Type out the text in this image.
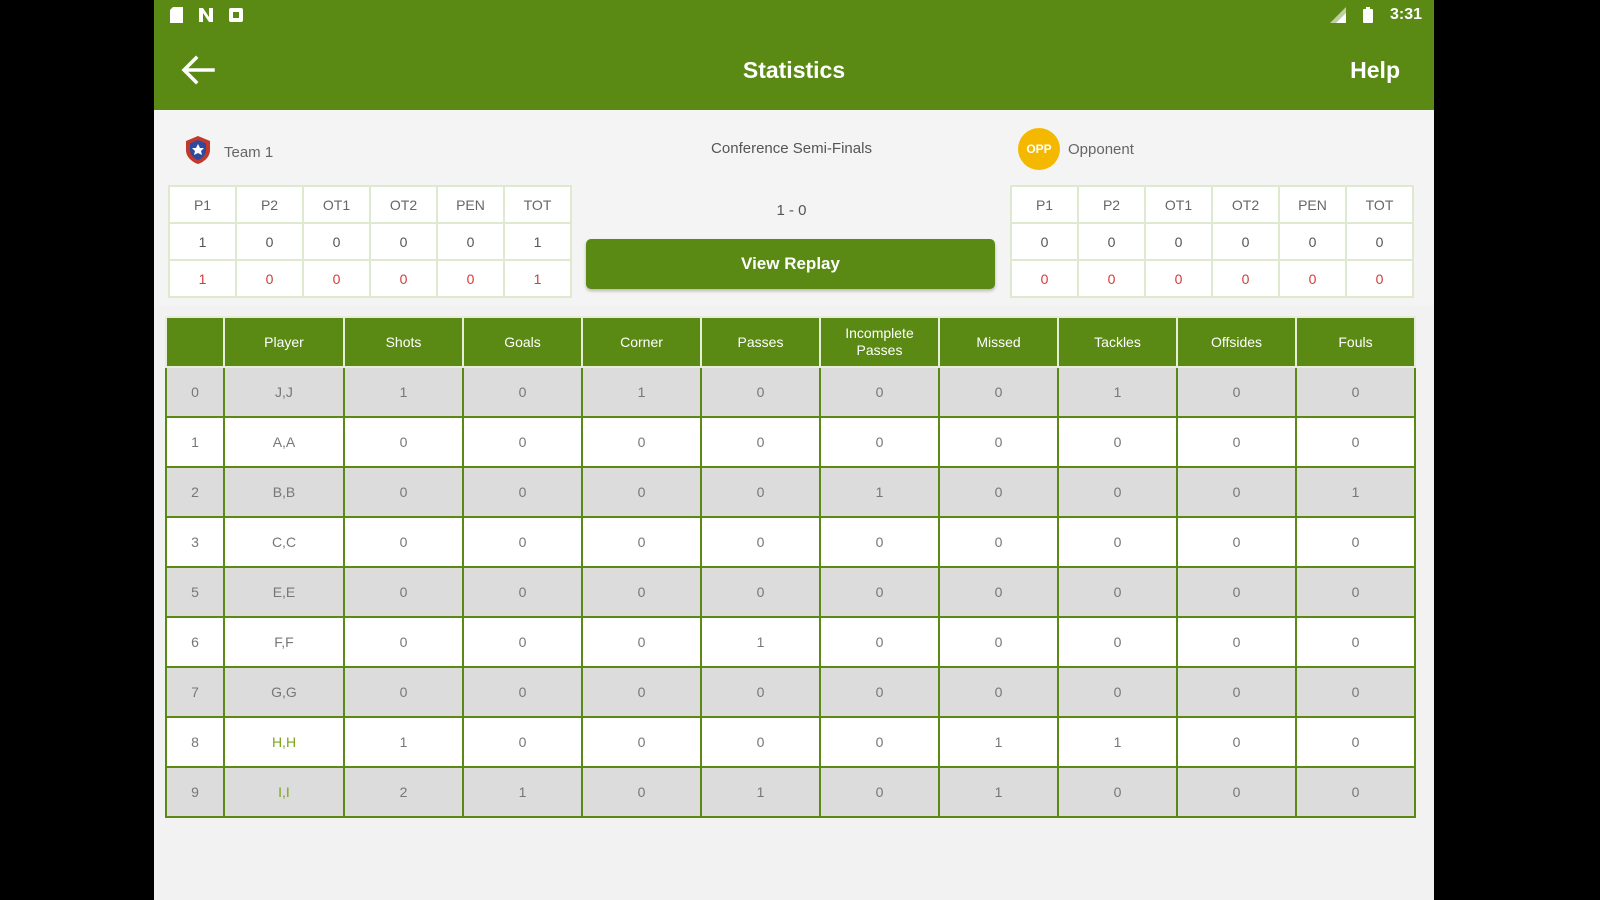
3:31
Statistics	Help
Team 1	Conference Semi-Finals
1 - 0
View Replay
OPP	Opponent
P1	P2	OT1	OT2	PEN	TOT
1	0	0	0	0	1
1	0	0	0	0	1
P1	P2	OT1	OT2	PEN	TOT
0	0	0	0	0	0
0	0	0	0	0	0
	Player	Shots	Goals	Corner	Passes	Incomplete Passes	Missed	Tackles	Offsides	Fouls
0	J,J	1	0	1	0	0	0	1	0	0
1	A,A	0	0	0	0	0	0	0	0	0
2	B,B	0	0	0	0	1	0	0	0	1
3	C,C	0	0	0	0	0	0	0	0	0
5	E,E	0	0	0	0	0	0	0	0	0
6	F,F	0	0	0	1	0	0	0	0	0
7	G,G	0	0	0	0	0	0	0	0	0
8	H,H	1	0	0	0	0	1	1	0	0
9	I,I	2	1	0	1	0	1	0	0	0
